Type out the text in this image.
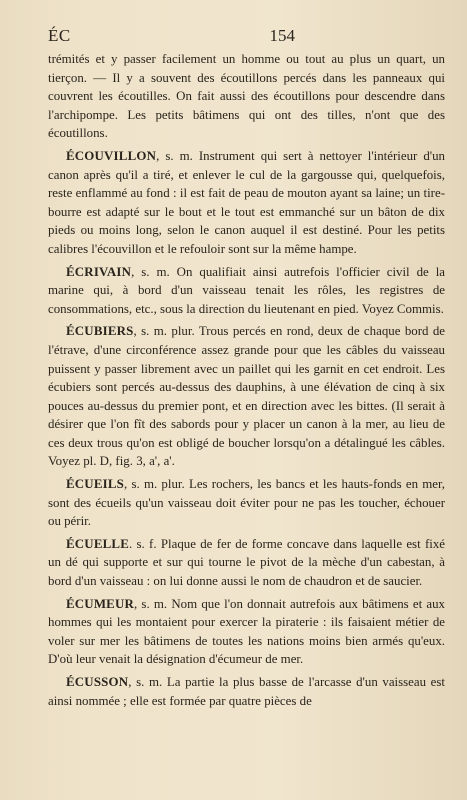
ÉC	154

trémités et y passer facilement un homme ou tout au plus un quart, un tierçon. — Il y a souvent des écoutillons percés dans les panneaux qui couvrent les écoutilles. On fait aussi des écoutillons pour descendre dans l'archipompe. Les petits bâtimens qui ont des tilles, n'ont que des écoutillons.

ÉCOUVILLON, s. m. Instrument qui sert à nettoyer l'intérieur d'un canon après qu'il a tiré, et enlever le cul de la gargousse qui, quelquefois, reste enflammé au fond : il est fait de peau de mouton ayant sa laine; un tire-bourre est adapté sur le bout et le tout est emmanché sur un bâton de dix pieds ou moins long, selon le canon auquel il est destiné. Pour les petits calibres l'écouvillon et le refouloir sont sur la même hampe.

ÉCRIVAIN, s. m. On qualifiait ainsi autrefois l'officier civil de la marine qui, à bord d'un vaisseau tenait les rôles, les registres de consommations, etc., sous la direction du lieutenant en pied. Voyez Commis.

ÉCUBIERS, s. m. plur. Trous percés en rond, deux de chaque bord de l'étrave, d'une circonférence assez grande pour que les câbles du vaisseau puissent y passer librement avec un paillet qui les garnit en cet endroit. Les écubiers sont percés au-dessus des dauphins, à une élévation de cinq à six pouces au-dessus du premier pont, et en direction avec les bittes. (Il serait à désirer que l'on fît des sabords pour y placer un canon à la mer, au lieu de ces deux trous qu'on est obligé de boucher lorsqu'on a détalingué les câbles. Voyez pl. D, fig. 3, a', a'.

ÉCUEILS, s. m. plur. Les rochers, les bancs et les hauts-fonds en mer, sont des écueils qu'un vaisseau doit éviter pour ne pas les toucher, échouer ou périr.

ÉCUELLE. s. f. Plaque de fer de forme concave dans laquelle est fixé un dé qui supporte et sur qui tourne le pivot de la mèche d'un cabestan, à bord d'un vaisseau : on lui donne aussi le nom de chaudron et de saucier.

ÉCUMEUR, s. m. Nom que l'on donnait autrefois aux bâtimens et aux hommes qui les montaient pour exercer la piraterie : ils faisaient métier de voler sur mer les bâtimens de toutes les nations moins bien armés qu'eux. D'où leur venait la désignation d'écumeur de mer.

ÉCUSSON, s. m. La partie la plus basse de l'arcasse d'un vaisseau est ainsi nommée ; elle est formée par quatre pièces de
